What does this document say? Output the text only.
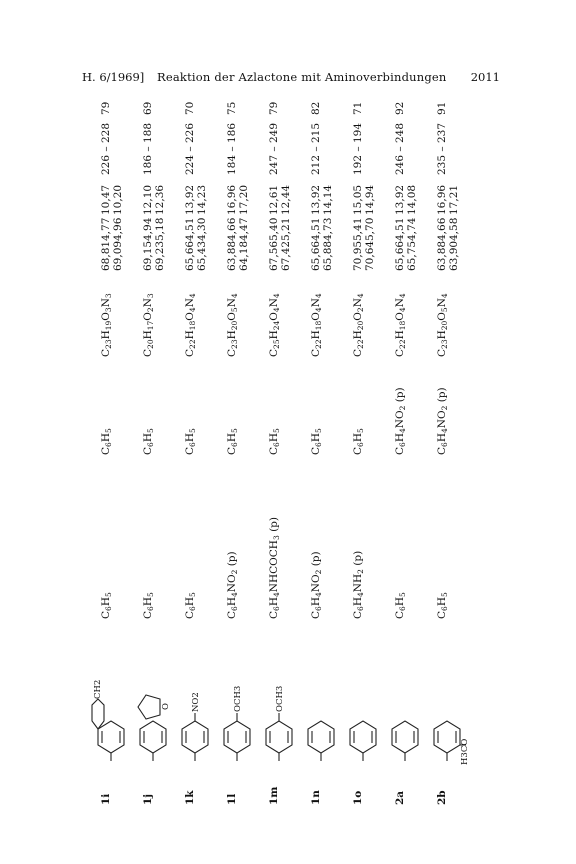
H. 6/1969] Reaktion der Azlactone mit Aminoverbindungen 2011
1i
CH2
$C_6H_5$
$C_6H_5$
$C_{23}H_{19}O_3N_3$
68,81 69,09
4,77 4,96
10,47 10,20
226 – 228
79
1j
O
$C_6H_5$
$C_6H_5$
$C_{20}H_{17}O_2N_3$
69,15 69,23
4,94 5,18
12,10 12,36
186 – 188
69
1k
NO2
$C_6H_5$
$C_6H_5$
$C_{22}H_{18}O_4N_4$
65,66 65,43
4,51 4,30
13,92 14,23
224 – 226
70
1l
OCH3
$C_6H_4NO_2$ (p)
$C_6H_5$
$C_{23}H_{20}O_5N_4$
63,88 64,18
4,66 4,47
16,96 17,20
184 – 186
75
1m
OCH3
$C_6H_4NHCOCH_3$ (p)
$C_6H_5$
$C_{25}H_{24}O_4N_4$
67,56 67,42
5,40 5,21
12,61 12,44
247 – 249
79
1n
$C_6H_4NO_2$ (p)
$C_6H_5$
$C_{22}H_{18}O_4N_4$
65,66 65,88
4,51 4,73
13,92 14,14
212 – 215
82
1o
$C_6H_4NH_2$ (p)
$C_6H_5$
$C_{22}H_{20}O_2N_4$
70,95 70,64
5,41 5,70
15,05 14,94
192 – 194
71
2a
$C_6H_5$
$C_6H_4NO_2$ (p)
$C_{22}H_{18}O_4N_4$
65,66 65,75
4,51 4,74
13,92 14,08
246 – 248
92
2b
H3CO
$C_6H_5$
$C_6H_4NO_2$ (p)
$C_{23}H_{20}O_5N_4$
63,88 63,90
4,66 4,58
16,96 17,21
235 – 237
91
